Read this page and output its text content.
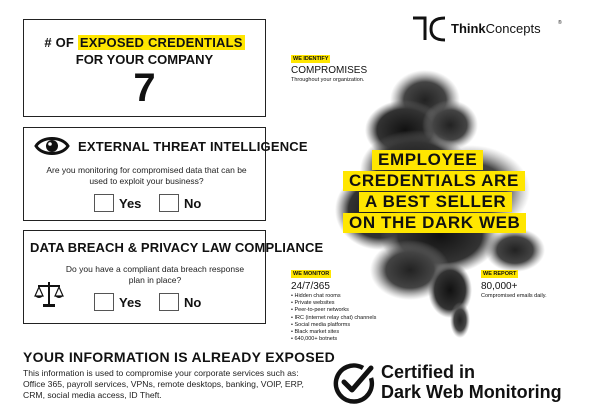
# OF EXPOSED CREDENTIALS
FOR YOUR COMPANY
7
EXTERNAL THREAT INTELLIGENCE
Are you monitoring for compromised data that can be used to exploit your business?
Yes	No
DATA BREACH & PRIVACY LAW COMPLIANCE
Do you have a compliant data breach response plan in place?
Yes	No
YOUR INFORMATION IS ALREADY EXPOSED
This information is used to compromise your corporate services such as: Office 365, payroll services, VPNs, remote desktops, banking, VOIP, ERP, CRM, social media access, ID Theft.
ThinkConcepts	®
WE IDENTIFY
COMPROMISES
Throughout your organization.
EMPLOYEE
CREDENTIALS ARE
A BEST SELLER
ON THE DARK WEB
WE MONITOR
24/7/365
• Hidden chat rooms
• Private websites
• Peer-to-peer networks
• IRC (internet relay chat) channels
• Social media platforms
• Black market sites
• 640,000+ botnets
WE REPORT
80,000+
Compromised emails daily.
Certified in
Dark Web Monitoring
